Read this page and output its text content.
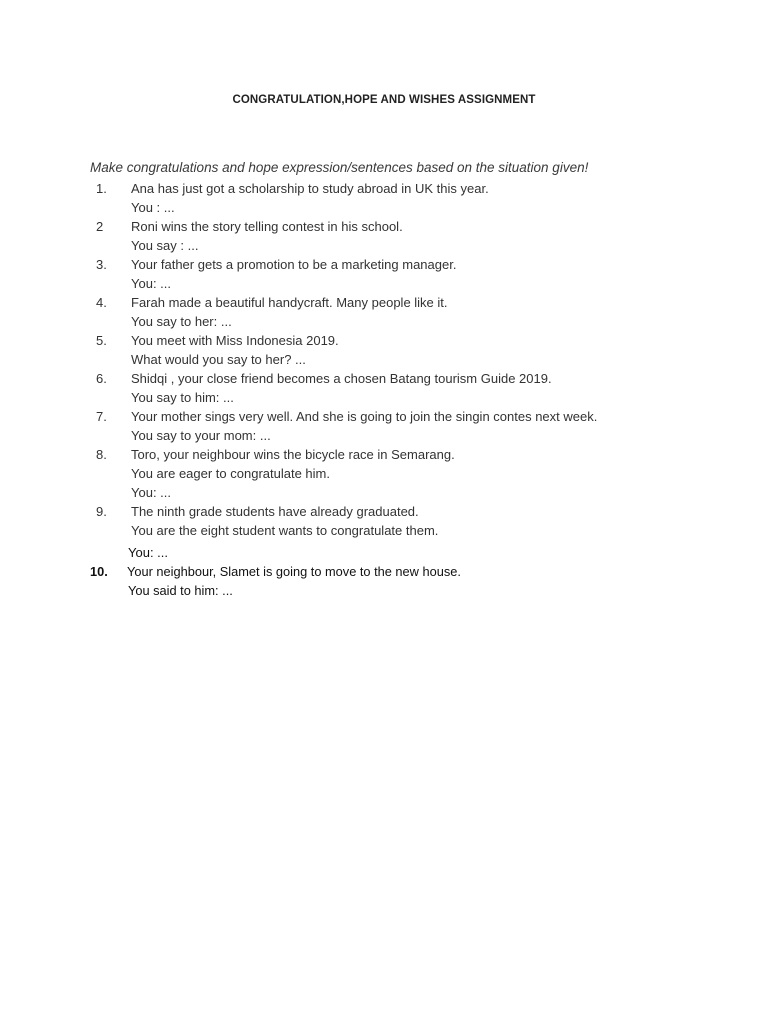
CONGRATULATION,HOPE AND WISHES ASSIGNMENT
Make congratulations and hope expression/sentences based on the situation given!
1.	Ana has just got a scholarship to study abroad in UK this year.
You : ...
2	Roni wins the story telling contest in his school.
You say : ...
3.	Your father gets a promotion to be a marketing manager.
You: ...
4.	Farah made a beautiful handycraft. Many people like it.
You say to her: ...
5.	You meet with Miss Indonesia 2019.
What would you say to her? ...
6.	Shidqi , your close friend becomes a chosen Batang tourism Guide 2019.
You say to him: ...
7.	Your mother sings very well. And she is going to join the singin contes next week.
You say to your mom: ...
8.	Toro, your neighbour wins the bicycle race in Semarang.
You are eager to congratulate him.
You: ...
9.	The ninth grade students have already graduated.
You are the eight student wants to congratulate them.
You: ...
10. Your neighbour, Slamet is going to move to the new house.
You said to him: ...
